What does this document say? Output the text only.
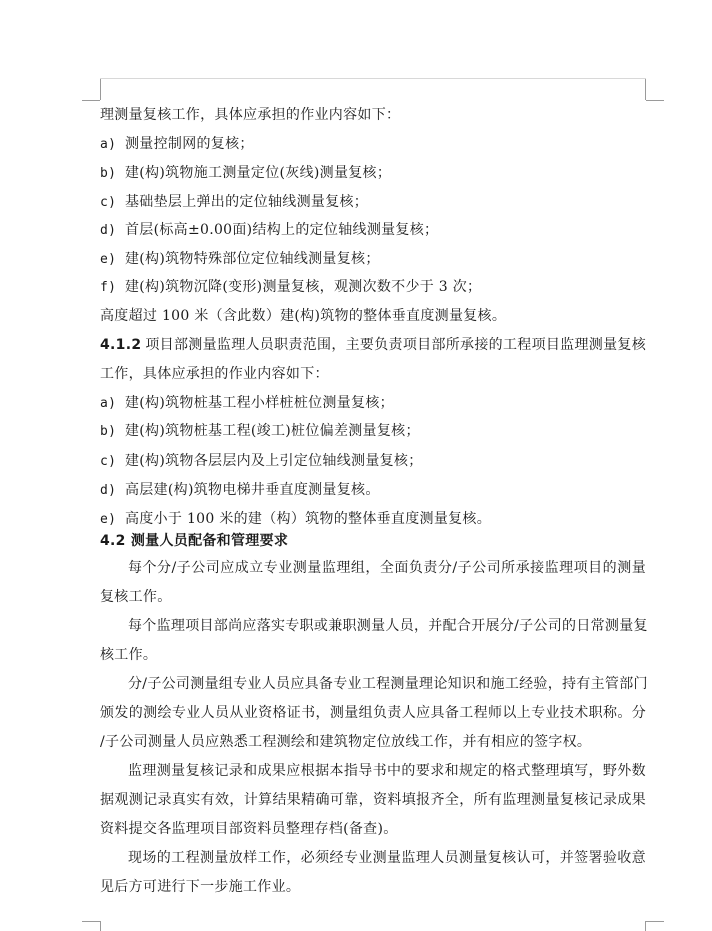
理测量复核工作，具体应承担的作业内容如下：
a) 测量控制网的复核；
b) 建(构)筑物施工测量定位(灰线)测量复核；
c) 基础垫层上弹出的定位轴线测量复核；
d) 首层(标高±0.00面)结构上的定位轴线测量复核；
e) 建(构)筑物特殊部位定位轴线测量复核；
f) 建(构)筑物沉降(变形)测量复核，观测次数不少于 3 次；
高度超过 100 米（含此数）建(构)筑物的整体垂直度测量复核。
4.1.2 项目部测量监理人员职责范围，主要负责项目部所承接的工程项目监理测量复核
工作，具体应承担的作业内容如下：
a) 建(构)筑物桩基工程小样桩桩位测量复核；
b) 建(构)筑物桩基工程(竣工)桩位偏差测量复核；
c) 建(构)筑物各层层内及上引定位轴线测量复核；
d) 高层建(构)筑物电梯井垂直度测量复核。
e) 高度小于 100 米的建（构）筑物的整体垂直度测量复核。
4.2 测量人员配备和管理要求
每个分/子公司应成立专业测量监理组，全面负责分/子公司所承接监理项目的测量
复核工作。
每个监理项目部尚应落实专职或兼职测量人员，并配合开展分/子公司的日常测量复
核工作。
分/子公司测量组专业人员应具备专业工程测量理论知识和施工经验，持有主管部门
颁发的测绘专业人员从业资格证书，测量组负责人应具备工程师以上专业技术职称。分
/子公司测量人员应熟悉工程测绘和建筑物定位放线工作，并有相应的签字权。
监理测量复核记录和成果应根据本指导书中的要求和规定的格式整理填写，野外数
据观测记录真实有效，计算结果精确可靠，资料填报齐全，所有监理测量复核记录成果
资料提交各监理项目部资料员整理存档(备查)。
现场的工程测量放样工作，必须经专业测量监理人员测量复核认可，并签署验收意
见后方可进行下一步施工作业。
